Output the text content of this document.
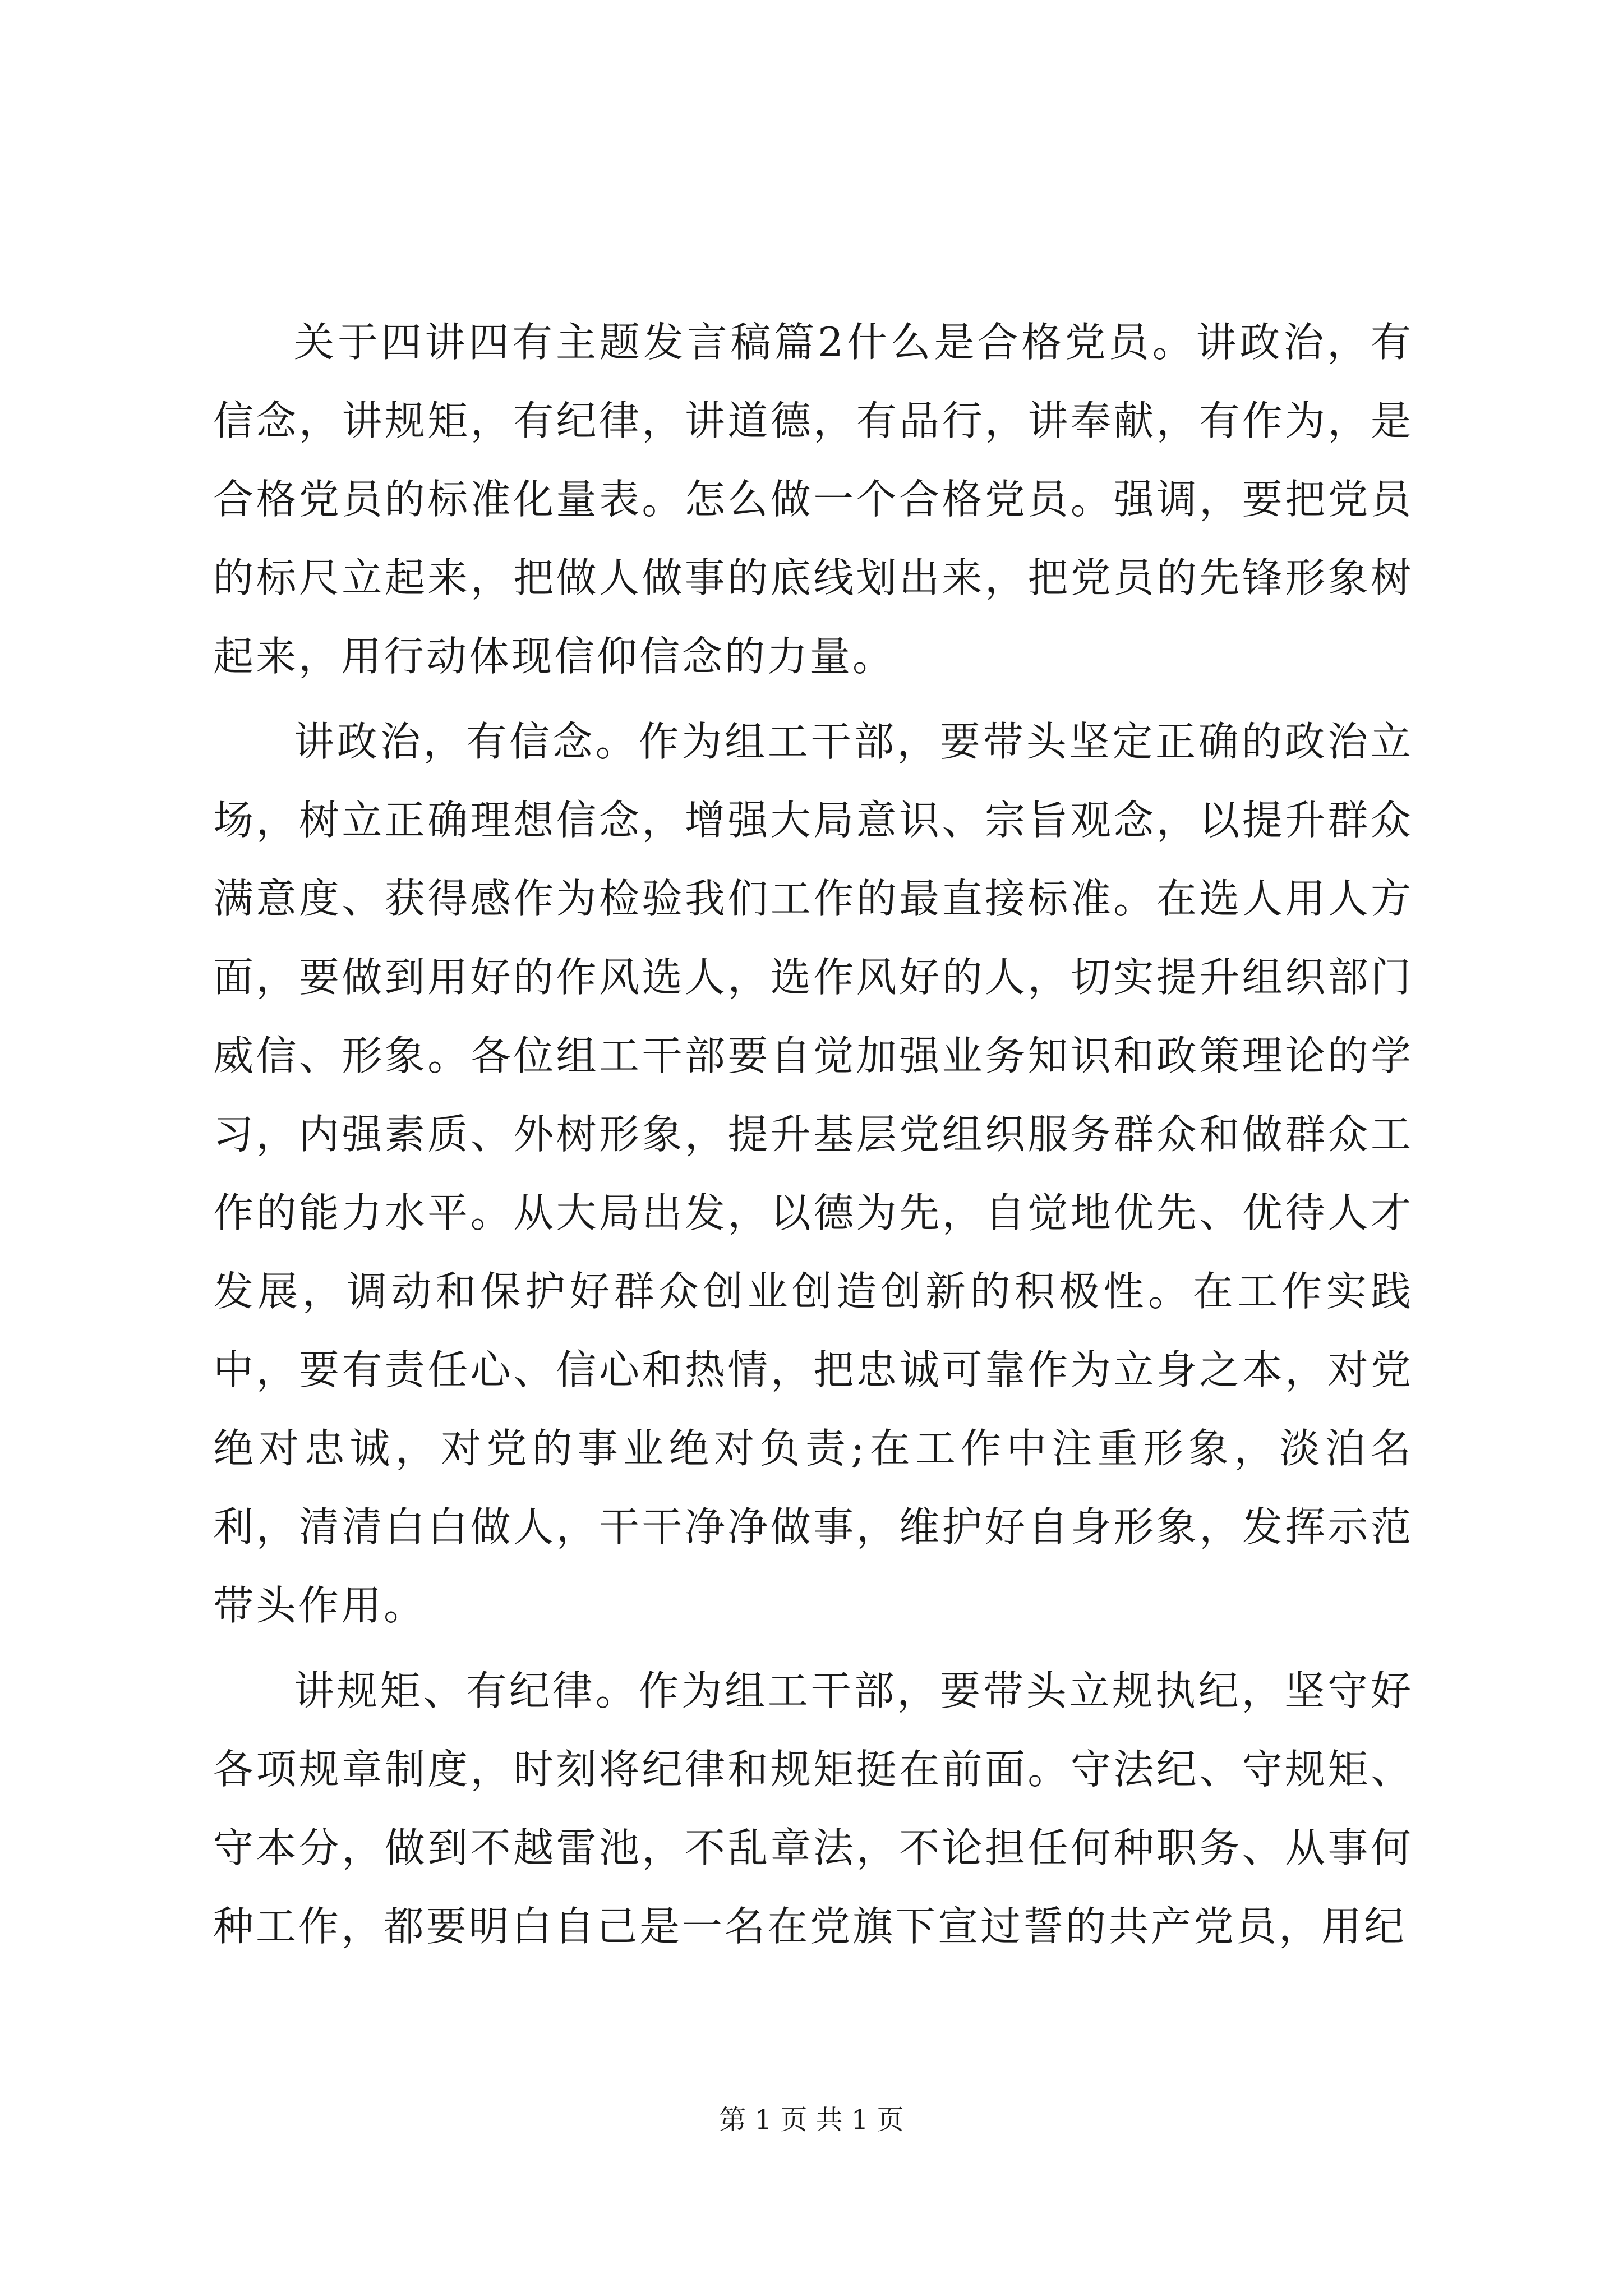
关于四讲四有主题发言稿篇2什么是合格党员。讲政治，有信念，讲规矩，有纪律，讲道德，有品行，讲奉献，有作为，是合格党员的标准化量表。怎么做一个合格党员。强调，要把党员的标尺立起来，把做人做事的底线划出来，把党员的先锋形象树起来，用行动体现信仰信念的力量。

讲政治，有信念。作为组工干部，要带头坚定正确的政治立场，树立正确理想信念，增强大局意识、宗旨观念，以提升群众满意度、获得感作为检验我们工作的最直接标准。在选人用人方面，要做到用好的作风选人，选作风好的人，切实提升组织部门威信、形象。各位组工干部要自觉加强业务知识和政策理论的学习，内强素质、外树形象，提升基层党组织服务群众和做群众工作的能力水平。从大局出发，以德为先，自觉地优先、优待人才发展，调动和保护好群众创业创造创新的积极性。在工作实践中，要有责任心、信心和热情，把忠诚可靠作为立身之本，对党绝对忠诚，对党的事业绝对负责;在工作中注重形象，淡泊名利，清清白白做人，干干净净做事，维护好自身形象，发挥示范带头作用。

讲规矩、有纪律。作为组工干部，要带头立规执纪，坚守好各项规章制度，时刻将纪律和规矩挺在前面。守法纪、守规矩、守本分，做到不越雷池，不乱章法，不论担任何种职务、从事何种工作，都要明白自己是一名在党旗下宣过誓的共产党员，用纪

第 1 页 共 1 页
